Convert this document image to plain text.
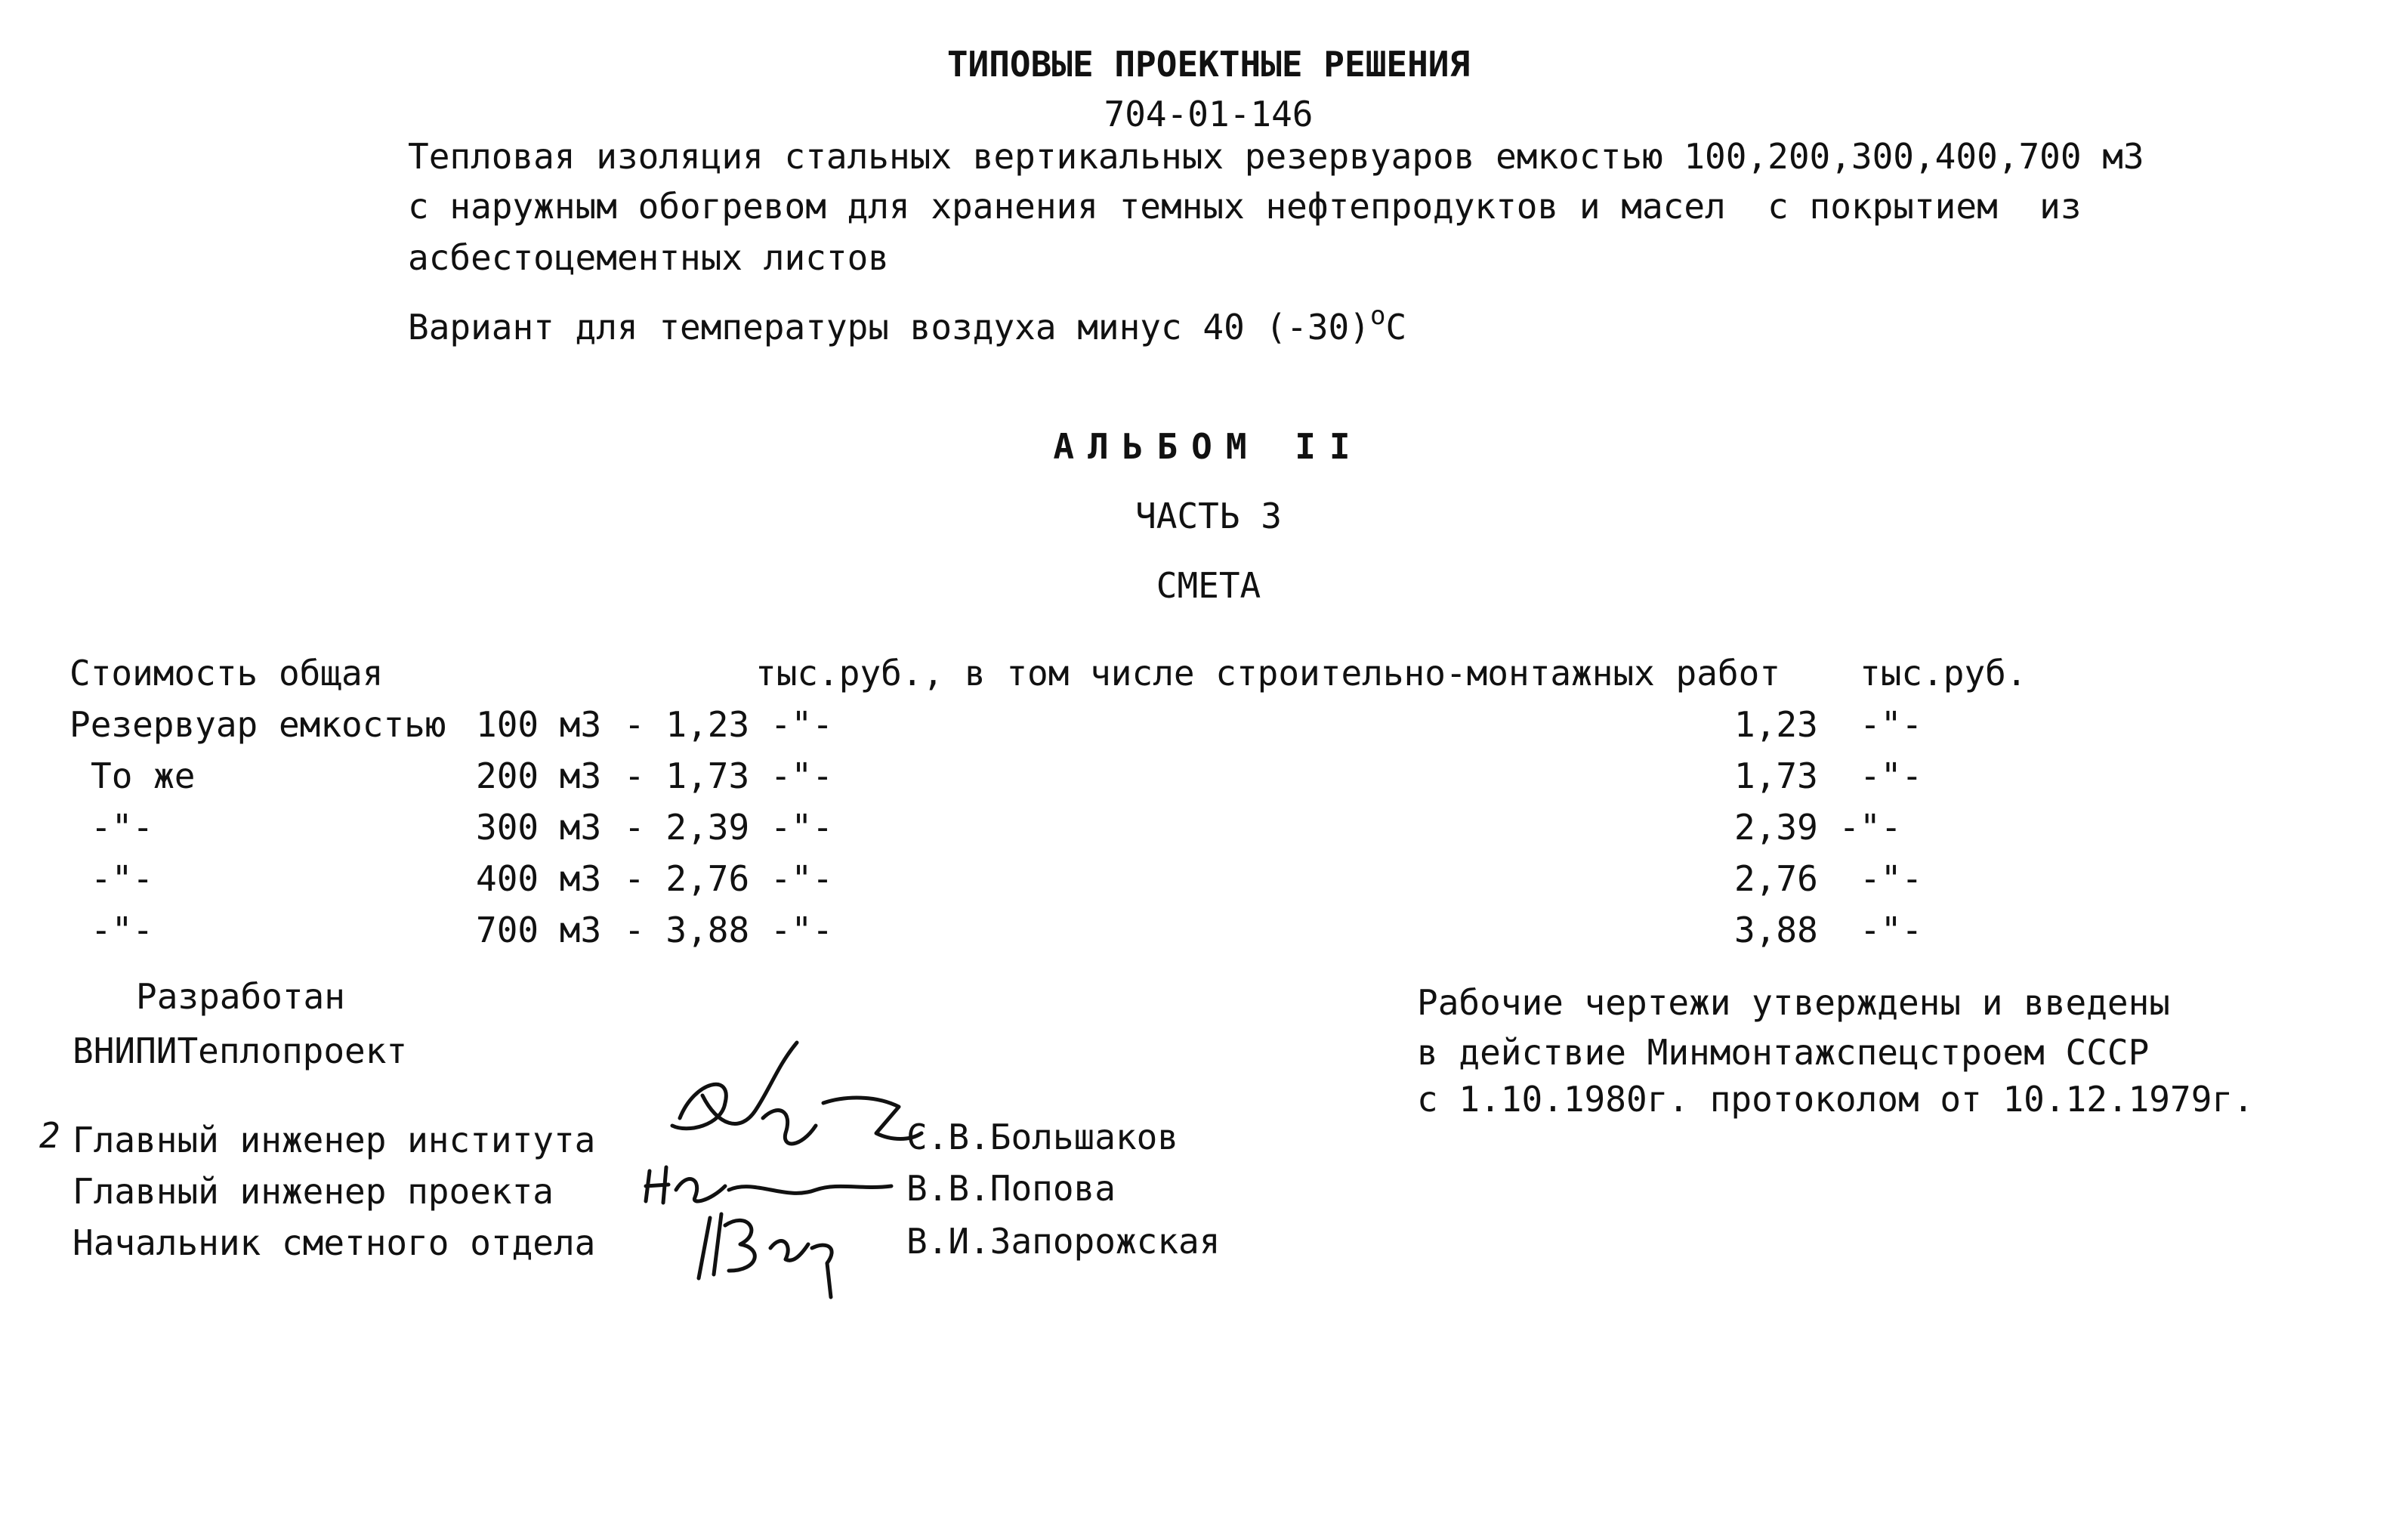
ТИПОВЫЕ ПРОЕКТНЫЕ РЕШЕНИЯ
704-01-146
Тепловая изоляция стальных вертикальных резервуаров емкостью 100,200,300,400,700 м3
с наружным обогревом для хранения темных нефтепродуктов и масел  с покрытием  из
асбестоцементных листов
Вариант для температуры воздуха минус 40 $(-30)^оС$
АЛЬБОМ II
ЧАСТЬ 3
СМЕТА
Стоимость общая	тыс.руб., в том числе строительно-монтажных работ тыс.руб.
Резервуар емкостью 100 м3 - 1,23 -"-	1,23  -"-
То же	200 м3 - 1,73 -"-	1,73  -"-
-"-	300 м3 - 2,39 -"-	2,39 -"-
-"-	400 м3 - 2,76 -"-	2,76  -"-
-"-	700 м3 - 3,88 -"-	3,88  -"-
Разработан
ВНИПИТеплопроект
Рабочие чертежи утверждены и введены
в действие Минмонтажспецстроем СССР
с 1.10.1980г. протоколом от 10.12.1979г.
2 Главный инженер института	С.В.Большаков
Главный инженер проекта	В.В.Попова
Начальник сметного отдела	В.И.Запорожская
